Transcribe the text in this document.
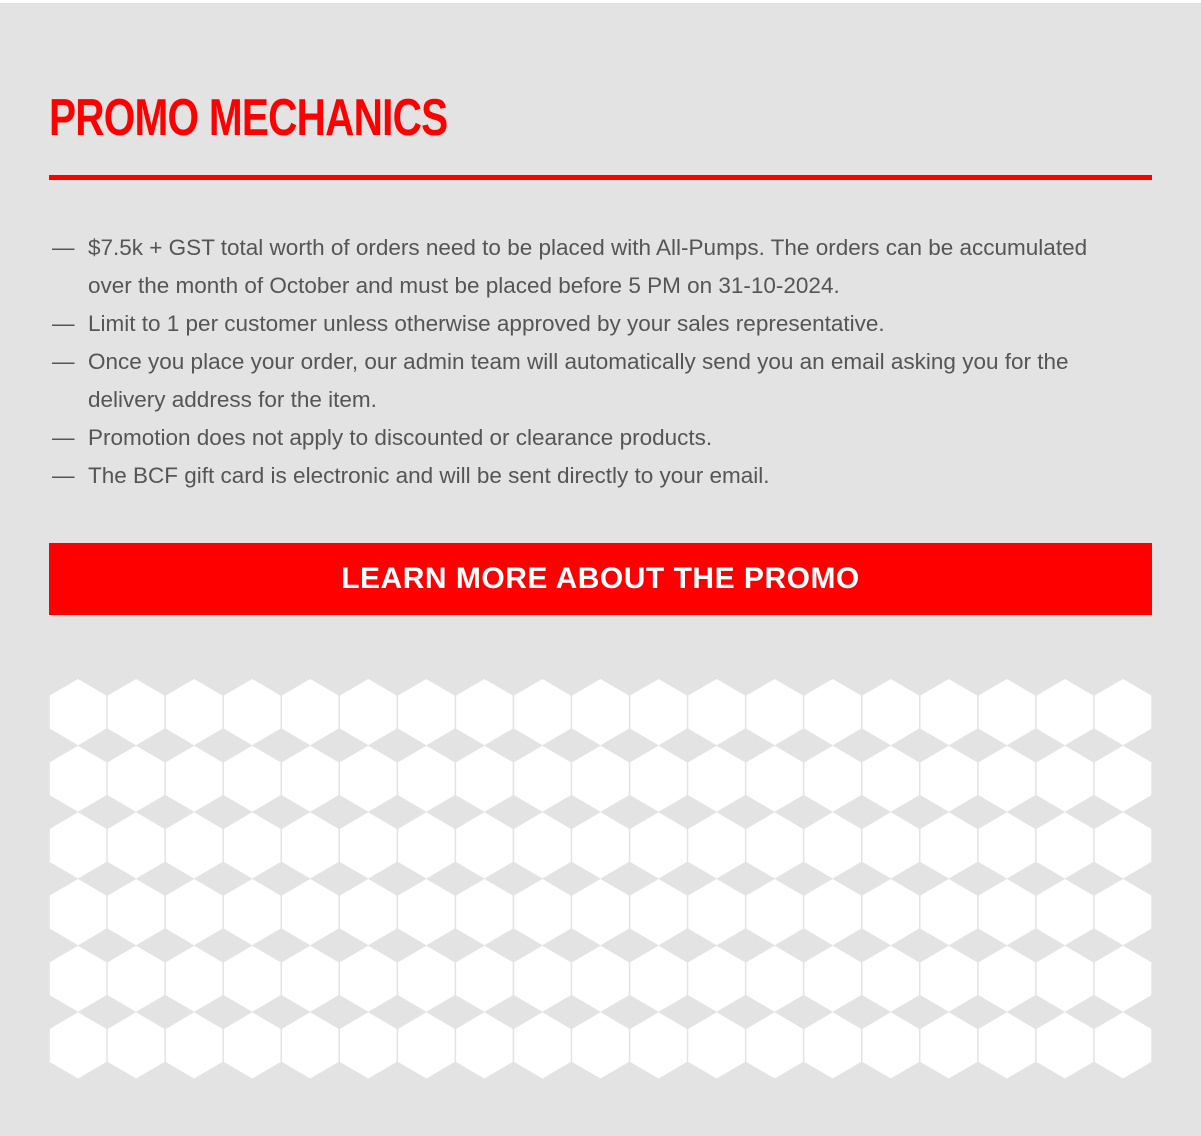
PROMO MECHANICS
— $7.5k + GST total worth of orders need to be placed with All-Pumps. The orders can be accumulated over the month of October and must be placed before 5 PM on 31-10-2024.
— Limit to 1 per customer unless otherwise approved by your sales representative.
— Once you place your order, our admin team will automatically send you an email asking you for the delivery address for the item.
— Promotion does not apply to discounted or clearance products.
— The BCF gift card is electronic and will be sent directly to your email.
LEARN MORE ABOUT THE PROMO
